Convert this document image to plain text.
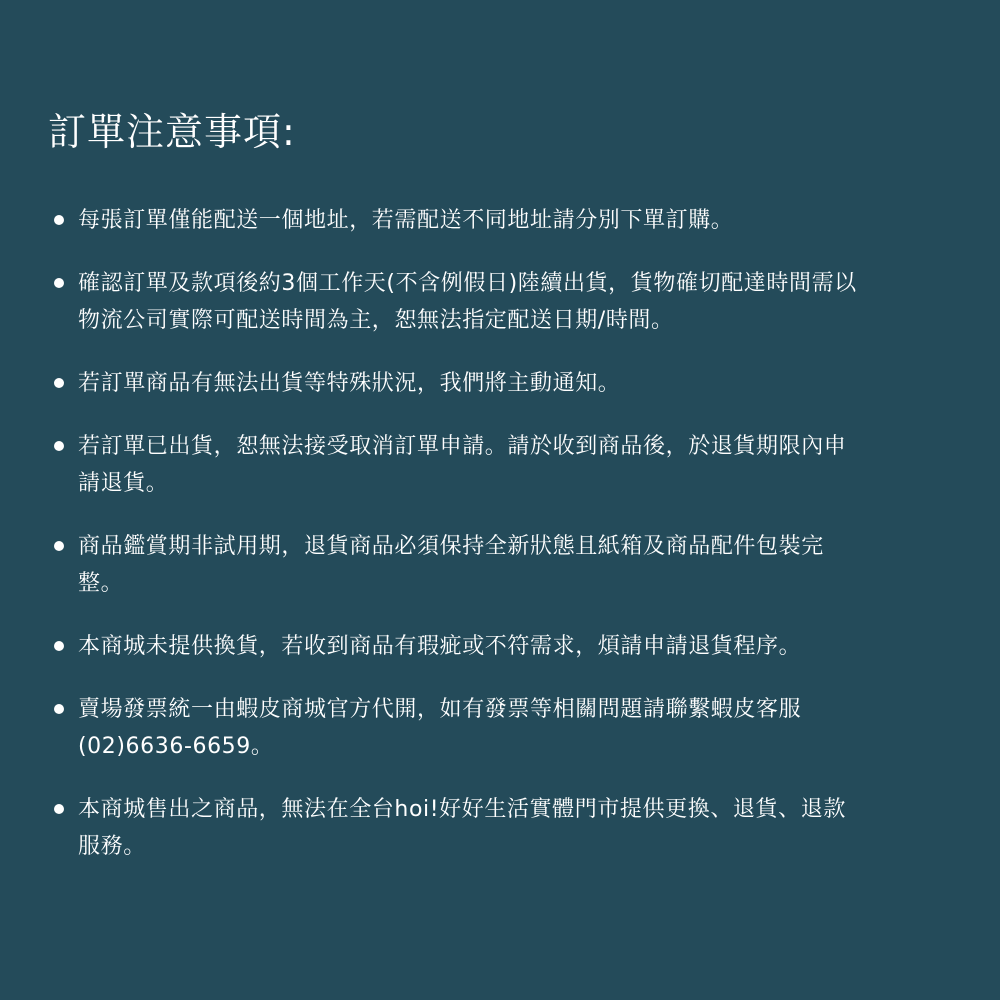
訂單注意事項:
每張訂單僅能配送一個地址，若需配送不同地址請分別下單訂購。
確認訂單及款項後約3個工作天(不含例假日)陸續出貨，貨物確切配達時間需以
物流公司實際可配送時間為主，恕無法指定配送日期/時間。
若訂單商品有無法出貨等特殊狀況，我們將主動通知。
若訂單已出貨，恕無法接受取消訂單申請。請於收到商品後，於退貨期限內申
請退貨。
商品鑑賞期非試用期，退貨商品必須保持全新狀態且紙箱及商品配件包裝完
整。
本商城未提供換貨，若收到商品有瑕疵或不符需求，煩請申請退貨程序。
賣場發票統一由蝦皮商城官方代開，如有發票等相關問題請聯繫蝦皮客服
(02)6636-6659。
本商城售出之商品，無法在全台hoi!好好生活實體門市提供更換、退貨、退款
服務。
